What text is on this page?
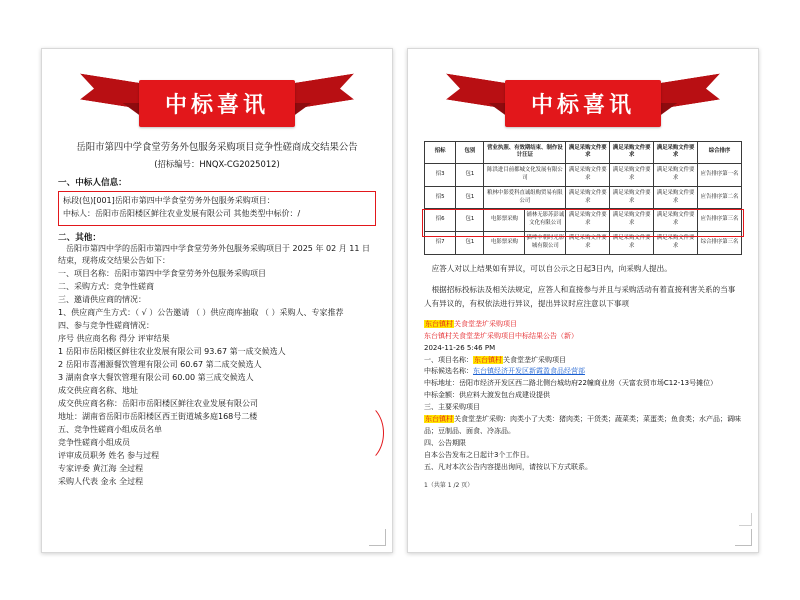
中标喜讯
岳阳市第四中学食堂劳务外包服务采购项目竞争性磋商成交结果公告
(招标编号：HNQX-CG2025012)
一、中标人信息：
标段(包)[001]岳阳市第四中学食堂劳务外包服务采购项目：
中标人：岳阳市岳阳楼区鲜往农业发展有限公司 其他类型中标价：/
二、其他：
岳阳市第四中学的岳阳市第四中学食堂劳务外包服务采购项目于 2025 年 02 月 11 日结束，现将成交结果公告如下：
一、项目名称：岳阳市第四中学食堂劳务外包服务采购项目
二、采购方式：竞争性磋商
三、邀请供应商的情况：
1、供应商产生方式：（ √ ）公告邀请 （ ）供应商库抽取 （ ）采购人、专家推荐
四、参与竞争性磋商情况：
序号 供应商名称 得分 评审结果
1 岳阳市岳阳楼区鲜往农业发展有限公司 93.67 第一成交候选人
2 岳阳市喜湘源餐饮管理有限公司 60.67 第二成交候选人
3 湖南食享大餐饮管理有限公司 60.00 第三成交候选人
成交供应商名称、地址
成交供应商名称：岳阳市岳阳楼区鲜往农业发展有限公司
地址：湖南省岳阳市岳阳楼区西王街道城多庭168号二楼
五、竞争性磋商小组成员名单
竞争性磋商小组成员
评审成员职务 姓名 参与过程
专家评委 黄江海 全过程
采购人代表 金永 全过程
中标喜讯
招标	包别	营业执照、有效期结束、制作设计汪证		满足采购文件要求	满足采购文件要求	满足采购文件要求	综合排序
招3	包1	陈洪进目前都城文化发展有限公司		满足采购文件要求	满足采购文件要求	满足采购文件要求	应告排序第一名
招5	包1	粮林中影爱科直诚组购贸易有限公司		满足采购文件要求	满足采购文件要求	满足采购文件要求	应告排序第二名
招6	包1	电影票采购	铺林无影苏彭诚文化有限公司	满足采购文件要求	满足采购文件要求	满足采购文件要求	应告排序第三名
招7	包1	电影票采购	猫啤中朝时光影城有限公司	满足采购文件要求	满足采购文件要求	满足采购文件要求	综合排序第三名
应答人对以上结果如有异议，可以自公示之日起3日内，向采购人提出。
根据招标投标法及相关法规定，应答人和直接参与并且与采购活动有着直接利害关系的当事人有异议的，有权依法进行异议，提出异议时应注意以下事项
东台镇村关食堂垄圹采购项目
东台镇村关食堂垄圹采购项目中标结果公告（新）
2024-11-26 5:46 PM
一、项目名称：东台镇村关食堂垄圹采购项目
中标候选名称：东台镇经济开发区新霞盈食品经营部
中标地址：岳阳市经济开发区西二路北侧台城幼府22幢商业房（天富农贸市场C12-13号摊位）
中标金额：供应料大渡发包台成建设提供
三、主要采购项目
东台镇村关食堂垄圹采购：肉类小了大类：猪肉类；干货类；蔬菜类；菜蛋类；鱼食类；水产品；调味品；豆制品、面食、冷冻品。
四、公告期限
自本公告发布之日起计3个工作日。
五、凡对本次公告内容提出询问，请按以下方式联系。
1（共第 1 /2 页）
